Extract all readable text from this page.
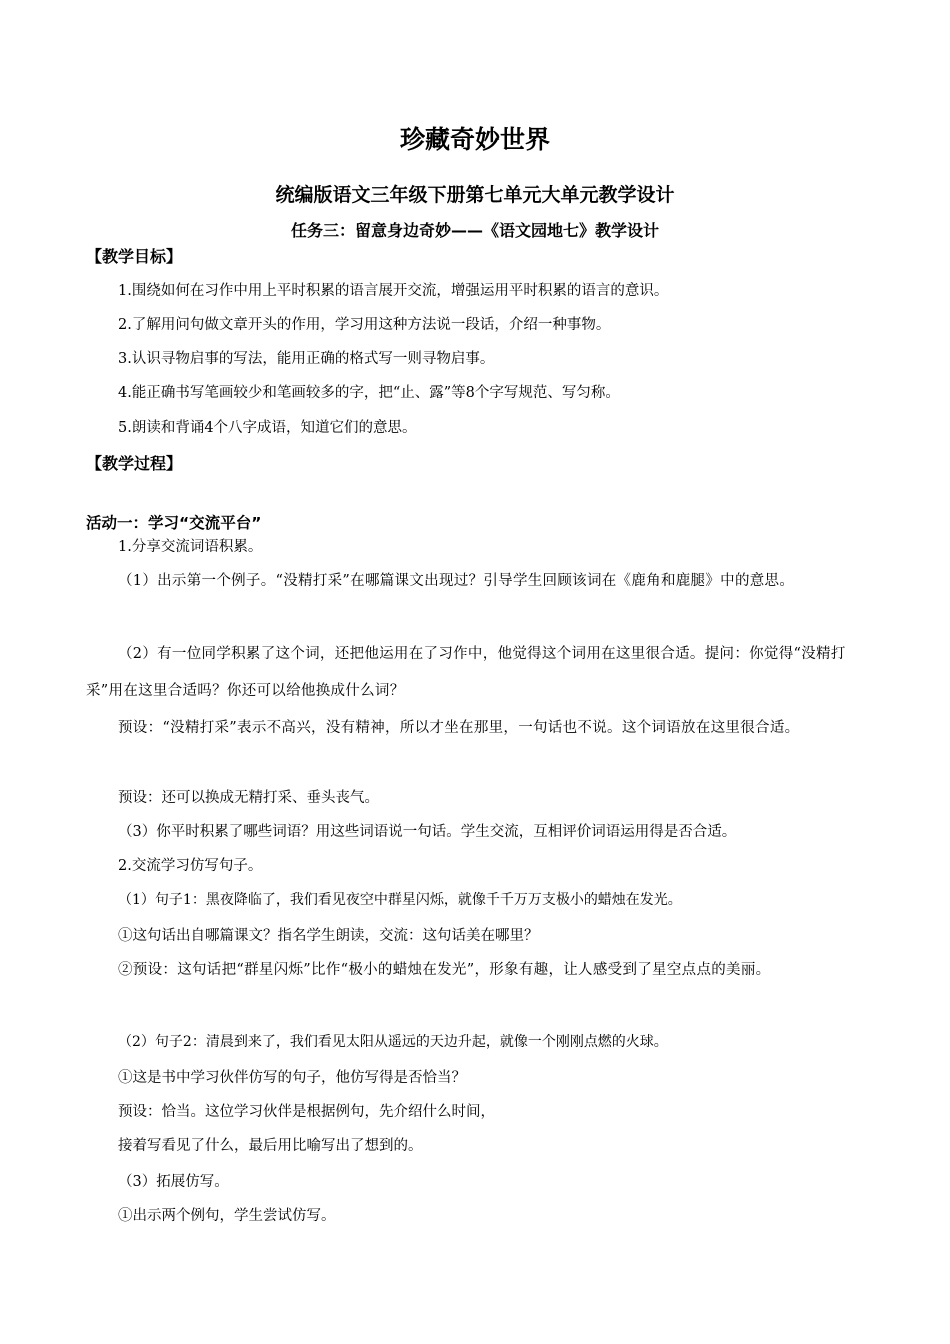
珍藏奇妙世界
统编版语文三年级下册第七单元大单元教学设计
任务三：留意身边奇妙——《语文园地七》教学设计
【教学目标】
1.围绕如何在习作中用上平时积累的语言展开交流，增强运用平时积累的语言的意识。
2.了解用问句做文章开头的作用，学习用这种方法说一段话，介绍一种事物。
3.认识寻物启事的写法，能用正确的格式写一则寻物启事。
4.能正确书写笔画较少和笔画较多的字，把“止、露”等8个字写规范、写匀称。
5.朗读和背诵4个八字成语，知道它们的意思。
【教学过程】
活动一：学习“交流平台”
1.分享交流词语积累。
（1）出示第一个例子。“没精打采”在哪篇课文出现过？引导学生回顾该词在《鹿角和鹿腿》中的意思。
（2）有一位同学积累了这个词，还把他运用在了习作中，他觉得这个词用在这里很合适。提问：你觉得“没精打采”用在这里合适吗？你还可以给他换成什么词？
预设：“没精打采”表示不高兴，没有精神，所以才坐在那里，一句话也不说。这个词语放在这里很合适。
预设：还可以换成无精打采、垂头丧气。
（3）你平时积累了哪些词语？用这些词语说一句话。学生交流，互相评价词语运用得是否合适。
2.交流学习仿写句子。
（1）句子1：黑夜降临了，我们看见夜空中群星闪烁，就像千千万万支极小的蜡烛在发光。
①这句话出自哪篇课文？指名学生朗读，交流：这句话美在哪里？
②预设：这句话把“群星闪烁”比作“极小的蜡烛在发光”，形象有趣，让人感受到了星空点点的美丽。
（2）句子2：清晨到来了，我们看见太阳从遥远的天边升起，就像一个刚刚点燃的火球。
①这是书中学习伙伴仿写的句子，他仿写得是否恰当？
预设：恰当。这位学习伙伴是根据例句，先介绍什么时间，
接着写看见了什么，最后用比喻写出了想到的。
（3）拓展仿写。
①出示两个例句，学生尝试仿写。
